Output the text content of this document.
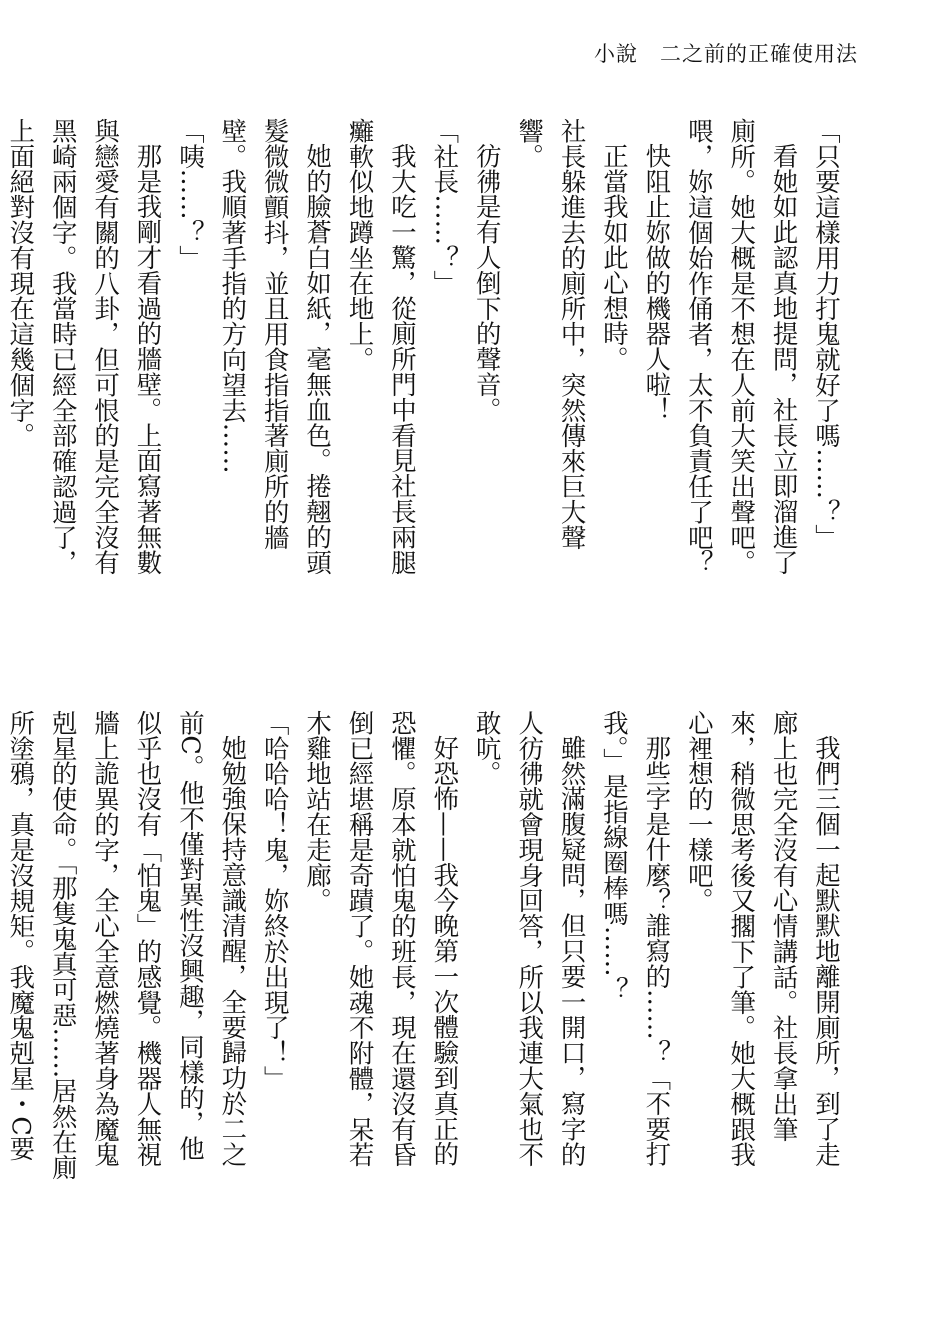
小說 二之前的正確使用法

「只要這樣用力打鬼就好了嗎……？」

看她如此認真地提問，社長立即溜進了廁所。她大概是不想在人前大笑出聲吧。喂，妳這個始作俑者，太不負責任了吧？

快阻止妳做的機器人啦！

正當我如此心想時。

社長躲進去的廁所中，突然傳來巨大聲響。

彷彿是有人倒下的聲音。

「社長……？」

我大吃一驚，從廁所門中看見社長兩腿癱軟似地蹲坐在地上。

她的臉蒼白如紙，毫無血色。捲翹的頭髮微微顫抖，並且用食指指著廁所的牆壁。我順著手指的方向望去……

「咦……？」

那是我剛才看過的牆壁。上面寫著無數與戀愛有關的八卦，但可恨的是完全沒有黑崎兩個字。我當時已經全部確認過了，上面絕對沒有現在這幾個字。

我們三個一起默默地離開廁所，到了走廊上也完全沒有心情講話。社長拿出筆來，稍微思考後又擱下了筆。她大概跟我心裡想的一樣吧。

那些字是什麼？誰寫的……？「不要打我。」是指線圈棒嗎……？

雖然滿腹疑問，但只要一開口，寫字的人彷彿就會現身回答，所以我連大氣也不敢吭。

好恐怖——我今晚第一次體驗到真正的恐懼。原本就怕鬼的班長，現在還沒有昏倒已經堪稱是奇蹟了。她魂不附體，呆若木雞地站在走廊。

「哈哈哈！鬼，妳終於出現了！」

她勉強保持意識清醒，全要歸功於二之前C。他不僅對異性沒興趣，同樣的，他似乎也沒有「怕鬼」的感覺。機器人無視牆上詭異的字，全心全意燃燒著身為魔鬼剋星的使命。「那隻鬼真可惡……居然在廁所塗鴉，真是沒規矩。我魔鬼剋星・C要
